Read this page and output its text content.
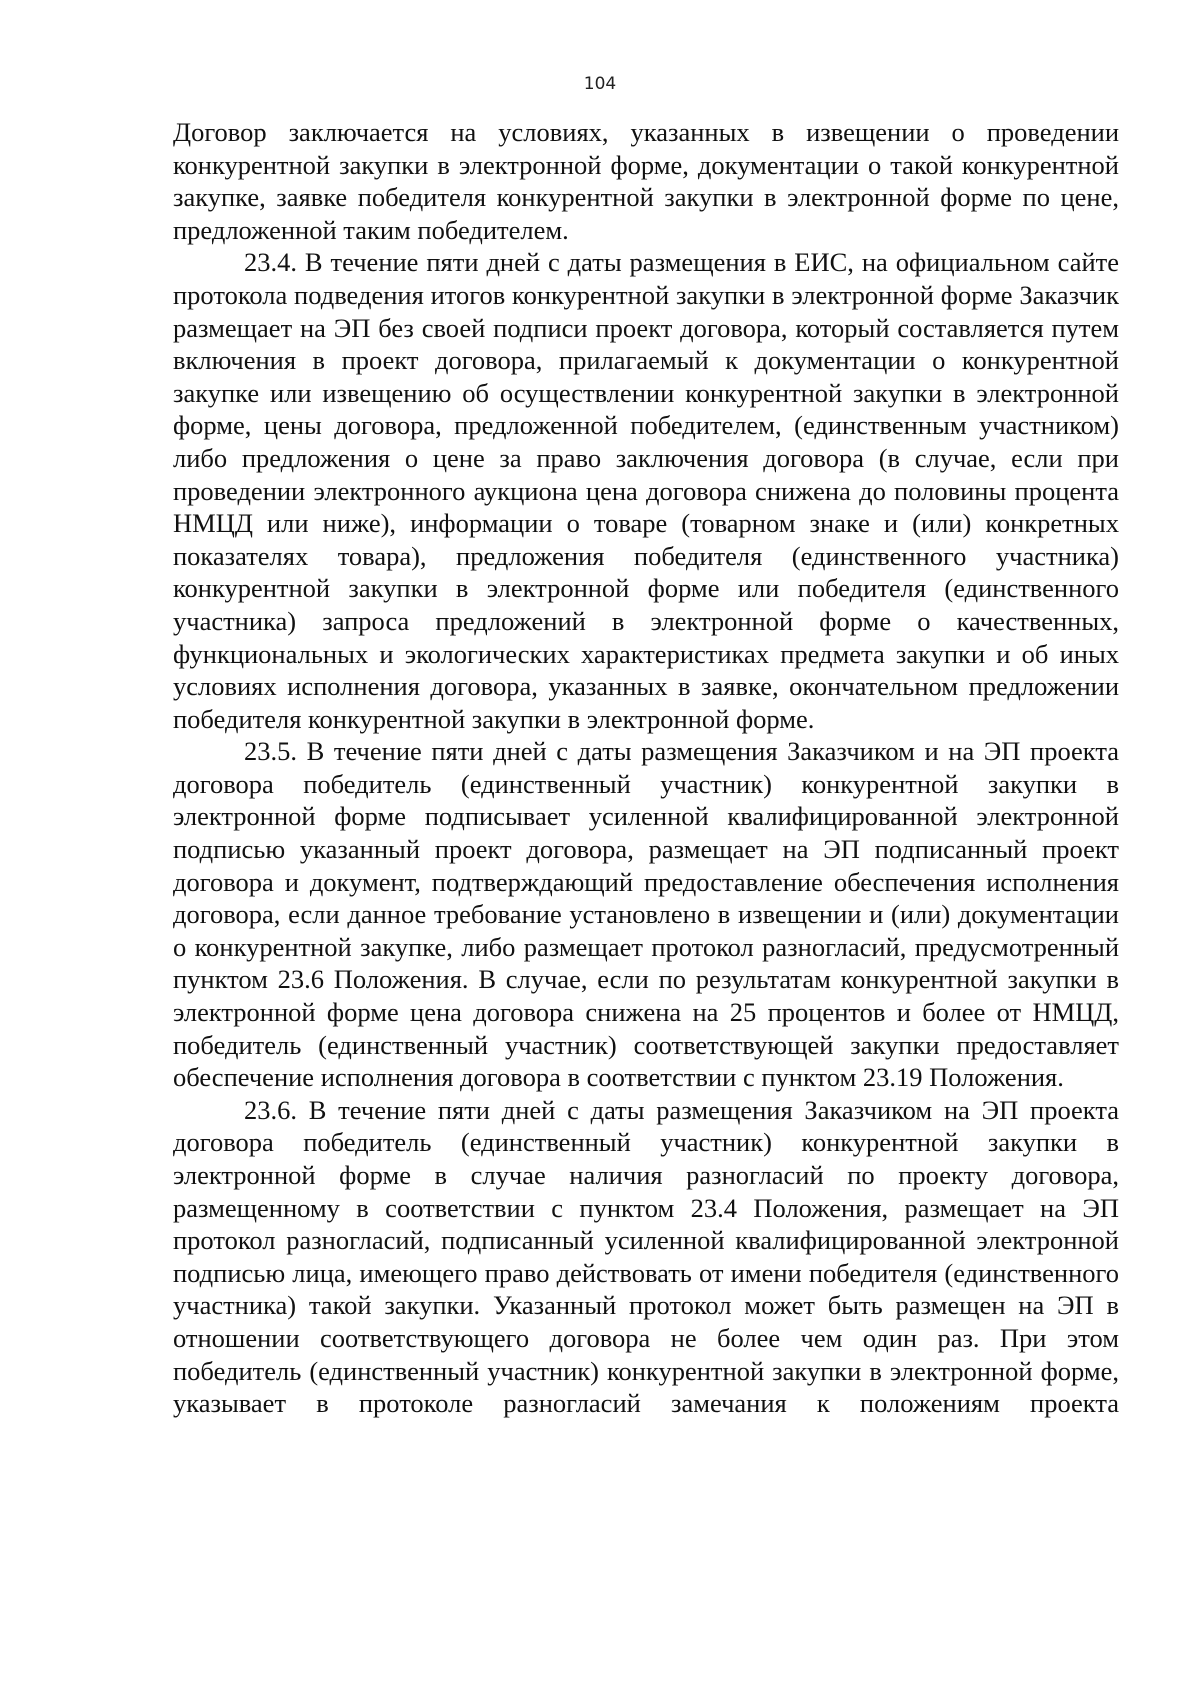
104

Договор заключается на условиях, указанных в извещении о проведении конкурентной закупки в электронной форме, документации о такой конкурентной закупке, заявке победителя конкурентной закупки в электронной форме по цене, предложенной таким победителем.

23.4. В течение пяти дней с даты размещения в ЕИС, на официальном сайте протокола подведения итогов конкурентной закупки в электронной форме Заказчик размещает на ЭП без своей подписи проект договора, который составляется путем включения в проект договора, прилагаемый к документации о конкурентной закупке или извещению об осуществлении конкурентной закупки в электронной форме, цены договора, предложенной победителем, (единственным участником) либо предложения о цене за право заключения договора (в случае, если при проведении электронного аукциона цена договора снижена до половины процента НМЦД или ниже), информации о товаре (товарном знаке и (или) конкретных показателях товара), предложения победителя (единственного участника) конкурентной закупки в электронной форме или победителя (единственного участника) запроса предложений в электронной форме о качественных, функциональных и экологических характеристиках предмета закупки и об иных условиях исполнения договора, указанных в заявке, окончательном предложении победителя конкурентной закупки в электронной форме.

23.5. В течение пяти дней с даты размещения Заказчиком и на ЭП проекта договора победитель (единственный участник) конкурентной закупки в электронной форме подписывает усиленной квалифицированной электронной подписью указанный проект договора, размещает на ЭП подписанный проект договора и документ, подтверждающий предоставление обеспечения исполнения договора, если данное требование установлено в извещении и (или) документации о конкурентной закупке, либо размещает протокол разногласий, предусмотренный пунктом 23.6 Положения. В случае, если по результатам конкурентной закупки в электронной форме цена договора снижена на 25 процентов и более от НМЦД, победитель (единственный участник) соответствующей закупки предоставляет обеспечение исполнения договора в соответствии с пунктом 23.19 Положения.

23.6. В течение пяти дней с даты размещения Заказчиком на ЭП проекта договора победитель (единственный участник) конкурентной закупки в электронной форме в случае наличия разногласий по проекту договора, размещенному в соответствии с пунктом 23.4 Положения, размещает на ЭП протокол разногласий, подписанный усиленной квалифицированной электронной подписью лица, имеющего право действовать от имени победителя (единственного участника) такой закупки. Указанный протокол может быть размещен на ЭП в отношении соответствующего договора не более чем один раз. При этом победитель (единственный участник) конкурентной закупки в электронной форме, указывает в протоколе разногласий замечания к положениям проекта
